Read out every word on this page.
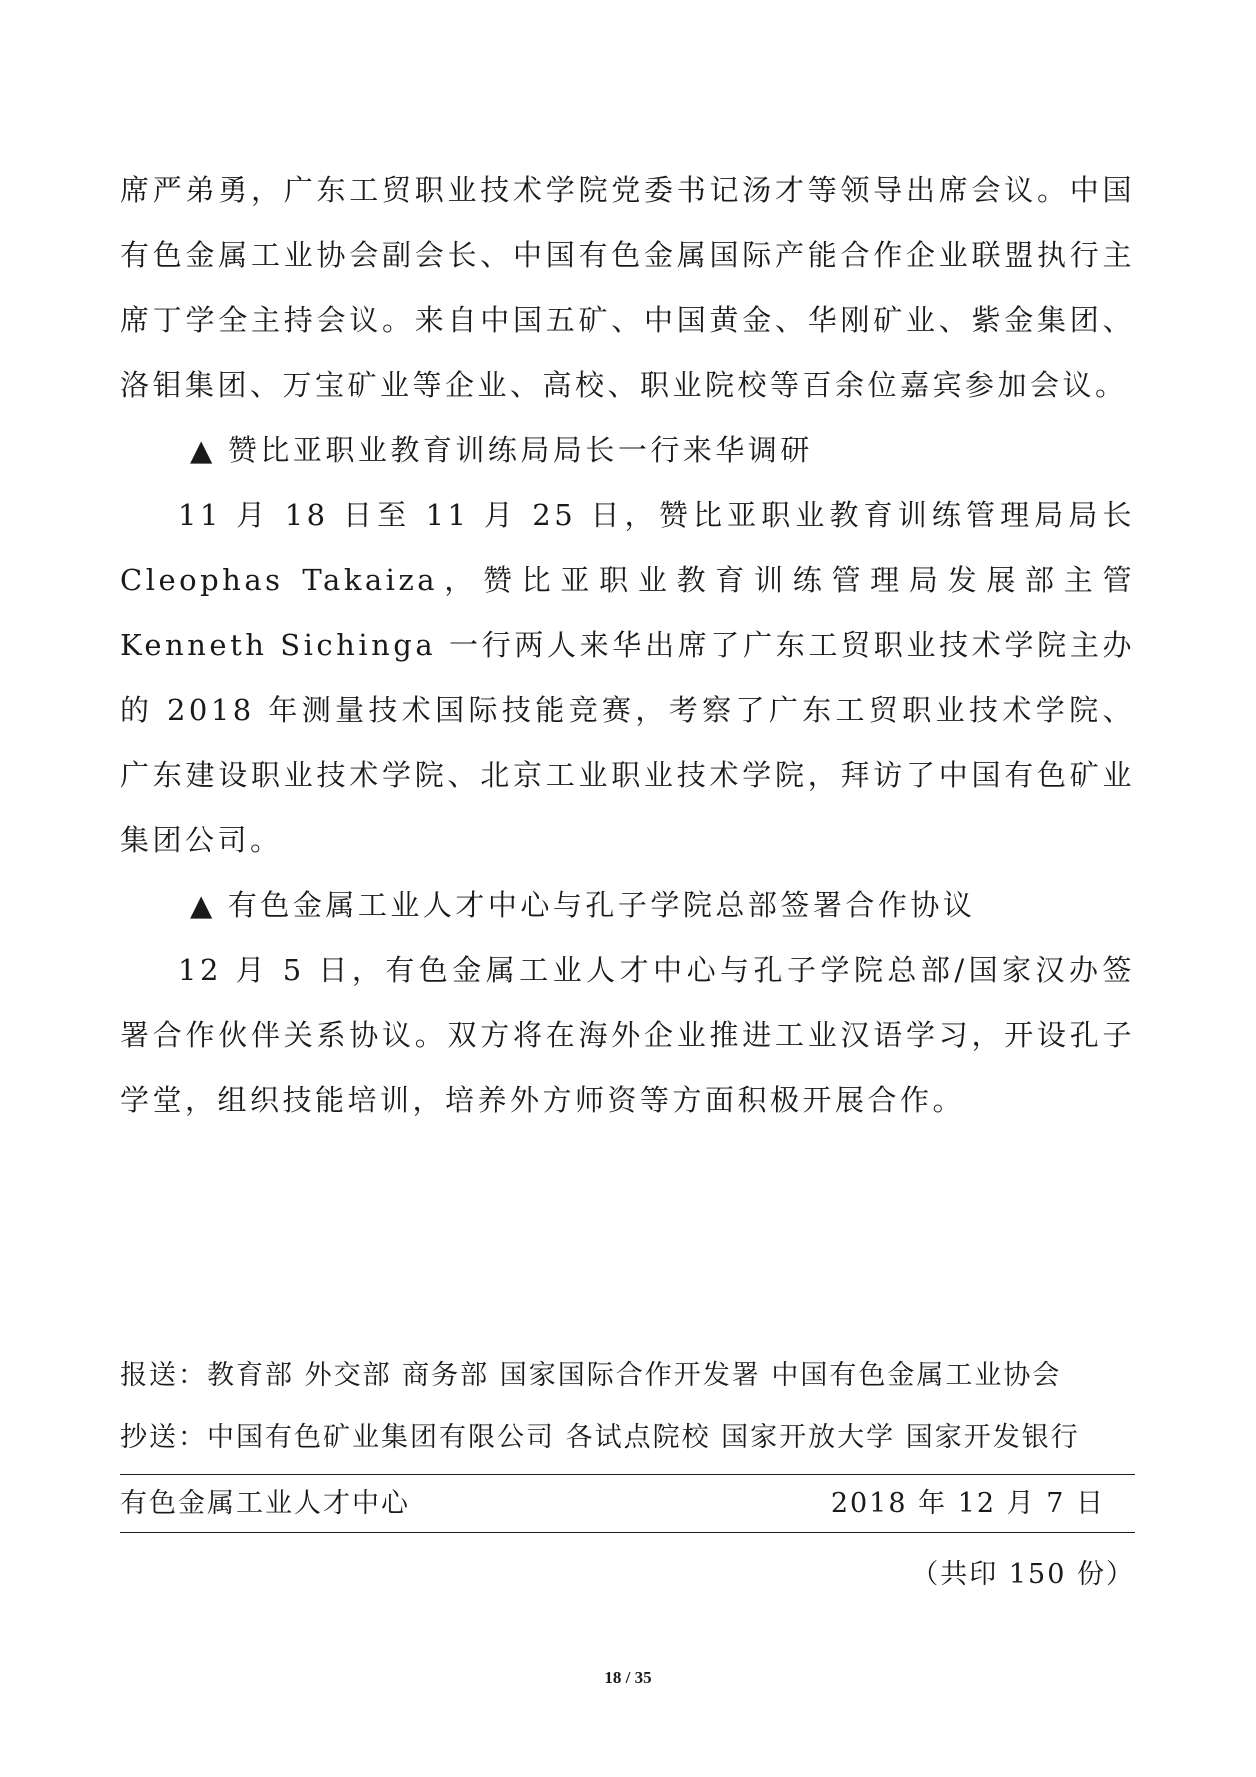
席严弟勇，广东工贸职业技术学院党委书记汤才等领导出席会议。中国有色金属工业协会副会长、中国有色金属国际产能合作企业联盟执行主席丁学全主持会议。来自中国五矿、中国黄金、华刚矿业、紫金集团、洛钼集团、万宝矿业等企业、高校、职业院校等百余位嘉宾参加会议。

▲ 赞比亚职业教育训练局局长一行来华调研

11 月 18 日至 11 月 25 日，赞比亚职业教育训练管理局局长 Cleophas Takaiza，赞比亚职业教育训练管理局发展部主管 Kenneth Sichinga 一行两人来华出席了广东工贸职业技术学院主办的 2018 年测量技术国际技能竞赛，考察了广东工贸职业技术学院、广东建设职业技术学院、北京工业职业技术学院，拜访了中国有色矿业集团公司。

▲ 有色金属工业人才中心与孔子学院总部签署合作协议

12 月 5 日，有色金属工业人才中心与孔子学院总部/国家汉办签署合作伙伴关系协议。双方将在海外企业推进工业汉语学习，开设孔子学堂，组织技能培训，培养外方师资等方面积极开展合作。

报送：教育部 外交部 商务部 国家国际合作开发署 中国有色金属工业协会
抄送：中国有色矿业集团有限公司 各试点院校 国家开放大学 国家开发银行
有色金属工业人才中心	2018 年 12 月 7 日
（共印 150 份）
18 / 35
